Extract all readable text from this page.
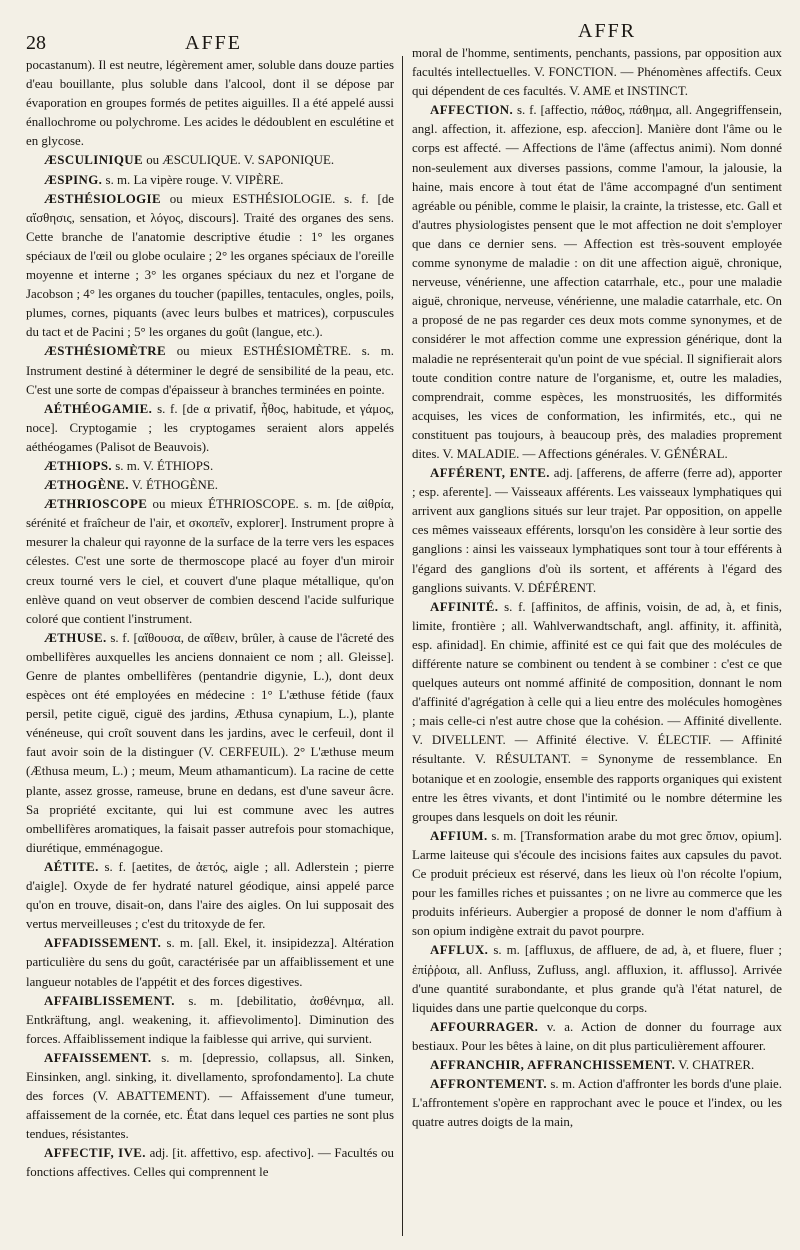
28	AFFE
AFFR

pocastanum). Il est neutre, légèrement amer, soluble dans douze parties d'eau bouillante, plus soluble dans l'alcool, dont il se dépose par évaporation en groupes formés de petites aiguilles. Il a été appelé aussi énallochrome ou polychrome. Les acides le dédoublent en esculétine et en glycose.

ÆSCULINIQUE ou ÆSCULIQUE. V. SAPONIQUE.

ÆSPING. s. m. La vipère rouge. V. VIPÈRE.

ÆSTHÉSIOLOGIE ou mieux ESTHÉSIOLOGIE. s. f. [de αἴσθησις, sensation, et λόγος, discours]. Traité des organes des sens. Cette branche de l'anatomie descriptive étudie : 1° les organes spéciaux de l'œil ou globe oculaire ; 2° les organes spéciaux de l'oreille moyenne et interne ; 3° les organes spéciaux du nez et l'organe de Jacobson ; 4° les organes du toucher (papilles, tentacules, ongles, poils, plumes, cornes, piquants (avec leurs bulbes et matrices), corpuscules du tact et de Pacini ; 5° les organes du goût (langue, etc.).

ÆSTHÉSIOMÈTRE ou mieux ESTHÉSIOMÈTRE. s. m. Instrument destiné à déterminer le degré de sensibilité de la peau, etc. C'est une sorte de compas d'épaisseur à branches terminées en pointe.

AÉTHÉOGAMIE. s. f. [de α privatif, ἦθος, habitude, et γάμος, noce]. Cryptogamie ; les cryptogames seraient alors appelés aéthéogames (Palisot de Beauvois).

ÆTHIOPS. s. m. V. ÉTHIOPS.

ÆTHOGÈNE. V. ÉTHOGÈNE.

ÆTHRIOSCOPE ou mieux ÉTHRIOSCOPE. s. m. [de αἰθρία, sérénité et fraîcheur de l'air, et σκοπεῖν, explorer]. Instrument propre à mesurer la chaleur qui rayonne de la surface de la terre vers les espaces célestes. C'est une sorte de thermoscope placé au foyer d'un miroir creux tourné vers le ciel, et couvert d'une plaque métallique, qu'on enlève quand on veut observer de combien descend l'acide sulfurique coloré que contient l'instrument.

ÆTHUSE. s. f. [αἴθουσα, de αἴθειν, brûler, à cause de l'âcreté des ombellifères auxquelles les anciens donnaient ce nom ; all. Gleisse]. Genre de plantes ombellifères (pentandrie digynie, L.), dont deux espèces ont été employées en médecine : 1° L'æthuse fétide (faux persil, petite ciguë, ciguë des jardins, Æthusa cynapium, L.), plante vénéneuse, qui croît souvent dans les jardins, avec le cerfeuil, dont il faut avoir soin de la distinguer (V. CERFEUIL). 2° L'æthuse meum (Æthusa meum, L.) ; meum, Meum athamanticum). La racine de cette plante, assez grosse, rameuse, brune en dedans, est d'une saveur âcre. Sa propriété excitante, qui lui est commune avec les autres ombellifères aromatiques, la faisait passer autrefois pour stomachique, diurétique, emménagogue.

AÉTITE. s. f. [aetites, de ἀετός, aigle ; all. Adlerstein ; pierre d'aigle]. Oxyde de fer hydraté naturel géodique, ainsi appelé parce qu'on en trouve, disait-on, dans l'aire des aigles. On lui supposait des vertus merveilleuses ; c'est du tritoxyde de fer.

AFFADISSEMENT. s. m. [all. Ekel, it. insipidezza]. Altération particulière du sens du goût, caractérisée par un affaiblissement et une langueur notables de l'appétit et des forces digestives.

AFFAIBLISSEMENT. s. m. [debilitatio, ἀσθένημα, all. Entkräftung, angl. weakening, it. affievolimento]. Diminution des forces. Affaiblissement indique la faiblesse qui arrive, qui survient.

AFFAISSEMENT. s. m. [depressio, collapsus, all. Sinken, Einsinken, angl. sinking, it. divellamento, sprofondamento]. La chute des forces (V. ABATTEMENT). — Affaissement d'une tumeur, affaissement de la cornée, etc. État dans lequel ces parties ne sont plus tendues, résistantes.

AFFECTIF, IVE. adj. [it. affettivo, esp. afectivo]. — Facultés ou fonctions affectives. Celles qui comprennent le

moral de l'homme, sentiments, penchants, passions, par opposition aux facultés intellectuelles. V. FONCTION. — Phénomènes affectifs. Ceux qui dépendent de ces facultés. V. AME et INSTINCT.

AFFECTION. s. f. [affectio, πάθος, πάθημα, all. Angegriffensein, angl. affection, it. affezione, esp. afeccion]. Manière dont l'âme ou le corps est affecté. — Affections de l'âme (affectus animi). Nom donné non-seulement aux diverses passions, comme l'amour, la jalousie, la haine, mais encore à tout état de l'âme accompagné d'un sentiment agréable ou pénible, comme le plaisir, la crainte, la tristesse, etc. Gall et d'autres physiologistes pensent que le mot affection ne doit s'employer que dans ce dernier sens. — Affection est très-souvent employée comme synonyme de maladie : on dit une affection aiguë, chronique, nerveuse, vénérienne, une affection catarrhale, etc., pour une maladie aiguë, chronique, nerveuse, vénérienne, une maladie catarrhale, etc. On a proposé de ne pas regarder ces deux mots comme synonymes, et de considérer le mot affection comme une expression générique, dont la maladie ne représenterait qu'un point de vue spécial. Il signifierait alors toute condition contre nature de l'organisme, et, outre les maladies, comprendrait, comme espèces, les monstruosités, les difformités acquises, les vices de conformation, les infirmités, etc., qui ne constituent pas toujours, à beaucoup près, des maladies proprement dites. V. MALADIE. — Affections générales. V. GÉNÉRAL.

AFFÉRENT, ENTE. adj. [afferens, de afferre (ferre ad), apporter ; esp. aferente]. — Vaisseaux afférents. Les vaisseaux lymphatiques qui arrivent aux ganglions situés sur leur trajet. Par opposition, on appelle ces mêmes vaisseaux efférents, lorsqu'on les considère à leur sortie des ganglions : ainsi les vaisseaux lymphatiques sont tour à tour efférents à l'égard des ganglions d'où ils sortent, et afférents à l'égard des ganglions suivants. V. DÉFÉRENT.

AFFINITÉ. s. f. [affinitos, de affinis, voisin, de ad, à, et finis, limite, frontière ; all. Wahlverwandtschaft, angl. affinity, it. affinità, esp. afinidad]. En chimie, affinité est ce qui fait que des molécules de différente nature se combinent ou tendent à se combiner : c'est ce que quelques auteurs ont nommé affinité de composition, donnant le nom d'affinité d'agrégation à celle qui a lieu entre des molécules homogènes ; mais celle-ci n'est autre chose que la cohésion. — Affinité divellente. V. DIVELLENT. — Affinité élective. V. ÉLECTIF. — Affinité résultante. V. RÉSULTANT. = Synonyme de ressemblance. En botanique et en zoologie, ensemble des rapports organiques qui existent entre les êtres vivants, et dont l'intimité ou le nombre détermine les groupes dans lesquels on doit les réunir.

AFFIUM. s. m. [Transformation arabe du mot grec ὄπιον, opium]. Larme laiteuse qui s'écoule des incisions faites aux capsules du pavot. Ce produit précieux est réservé, dans les lieux où l'on récolte l'opium, pour les familles riches et puissantes ; on ne livre au commerce que les produits inférieurs. Aubergier a proposé de donner le nom d'affium à son opium indigène extrait du pavot pourpre.

AFFLUX. s. m. [affluxus, de affluere, de ad, à, et fluere, fluer ; ἐπίῤῥοια, all. Anfluss, Zufluss, angl. affluxion, it. afflusso]. Arrivée d'une quantité surabondante, et plus grande qu'à l'état naturel, de liquides dans une partie quelconque du corps.

AFFOURRAGER. v. a. Action de donner du fourrage aux bestiaux. Pour les bêtes à laine, on dit plus particulièrement affourer.

AFFRANCHIR, AFFRANCHISSEMENT. V. CHATRER.

AFFRONTEMENT. s. m. Action d'affronter les bords d'une plaie. L'affrontement s'opère en rapprochant avec le pouce et l'index, ou les quatre autres doigts de la main,
